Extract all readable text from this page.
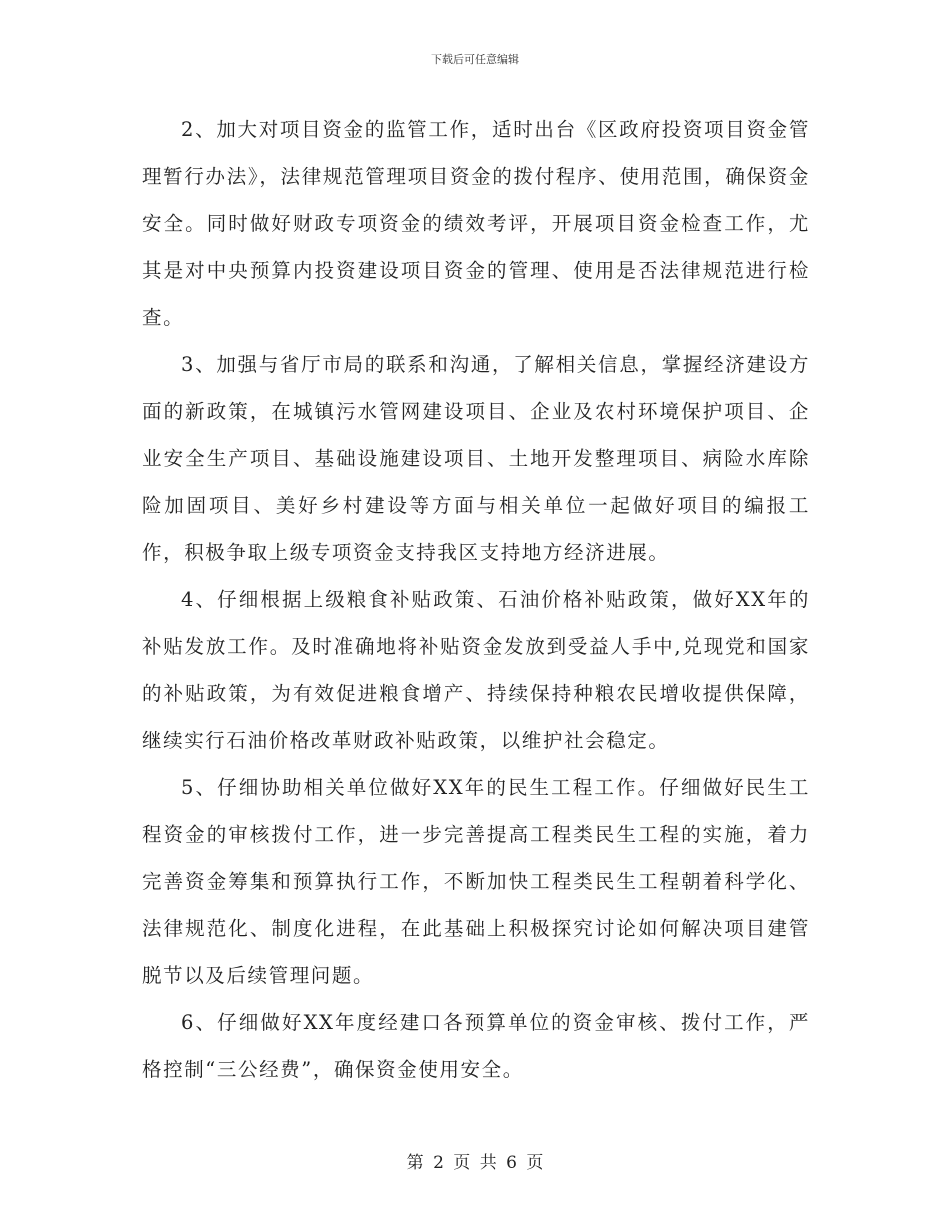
下载后可任意编辑

2、加大对项目资金的监管工作，适时出台《区政府投资项目资金管理暂行办法》，法律规范管理项目资金的拨付程序、使用范围，确保资金安全。同时做好财政专项资金的绩效考评，开展项目资金检查工作，尤其是对中央预算内投资建设项目资金的管理、使用是否法律规范进行检查。

3、加强与省厅市局的联系和沟通，了解相关信息，掌握经济建设方面的新政策，在城镇污水管网建设项目、企业及农村环境保护项目、企业安全生产项目、基础设施建设项目、土地开发整理项目、病险水库除险加固项目、美好乡村建设等方面与相关单位一起做好项目的编报工作，积极争取上级专项资金支持我区支持地方经济进展。

4、仔细根据上级粮食补贴政策、石油价格补贴政策，做好XX年的补贴发放工作。及时准确地将补贴资金发放到受益人手中,兑现党和国家的补贴政策，为有效促进粮食增产、持续保持种粮农民增收提供保障，继续实行石油价格改革财政补贴政策，以维护社会稳定。

5、仔细协助相关单位做好XX年的民生工程工作。仔细做好民生工程资金的审核拨付工作，进一步完善提高工程类民生工程的实施，着力完善资金筹集和预算执行工作，不断加快工程类民生工程朝着科学化、法律规范化、制度化进程，在此基础上积极探究讨论如何解决项目建管脱节以及后续管理问题。

6、仔细做好XX年度经建口各预算单位的资金审核、拨付工作，严格控制“三公经费”，确保资金使用安全。

第 2 页 共 6 页
